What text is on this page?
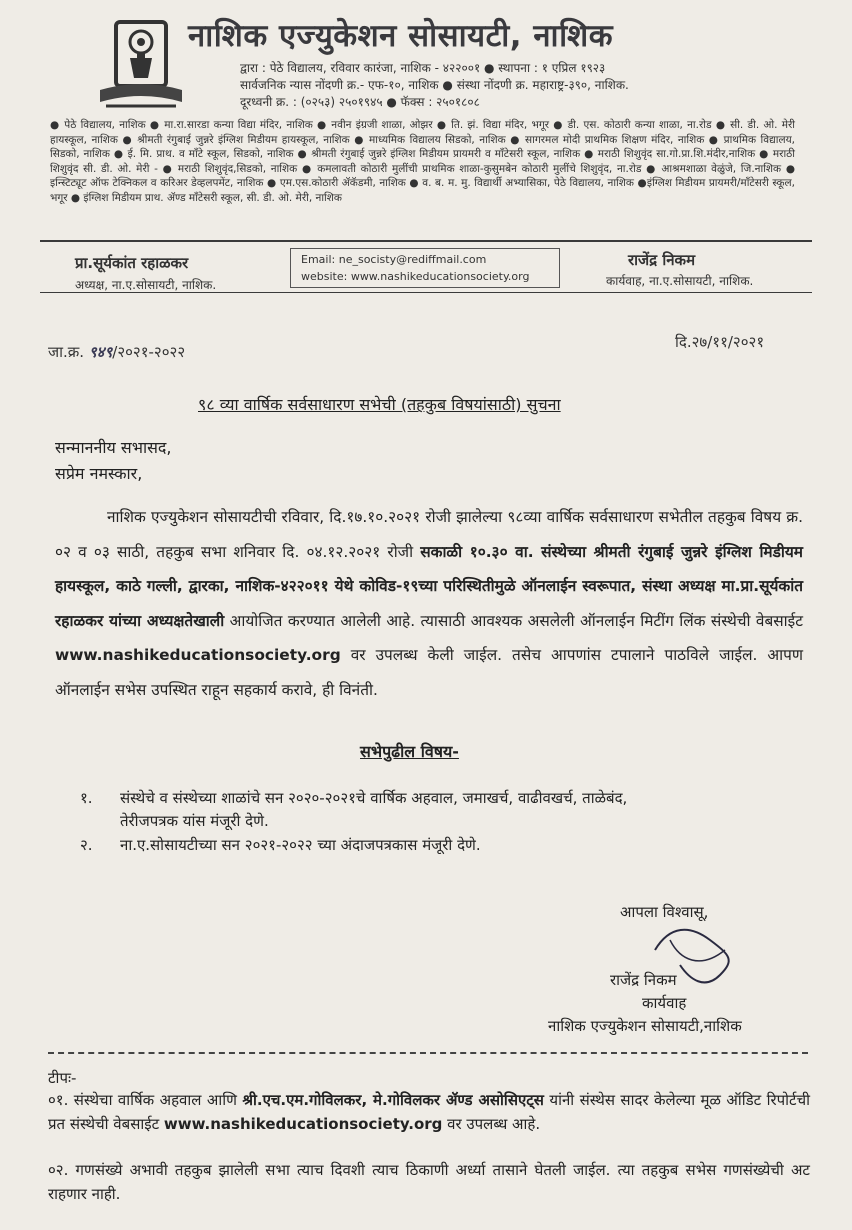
नाशिक एज्युकेशन सोसायटी, नाशिक
द्वारा : पेठे विद्यालय, रविवार कारंजा, नाशिक - ४२२००१ ● स्थापना : १ एप्रिल १९२३
सार्वजनिक न्यास नोंदणी क्र.- एफ-१०, नाशिक ● संस्था नोंदणी क्र. महाराष्ट्र-३९०, नाशिक.
दूरध्वनी क्र. : (०२५३) २५०१९४५ ● फॅक्स : २५०१८०८
● पेठे विद्यालय, नाशिक ● मा.रा.सारडा कन्या विद्या मंदिर, नाशिक ● नवीन इंग्रजी शाळा, ओझर ● ति. झं. विद्या मंदिर, भगूर ● डी. एस. कोठारी कन्या शाळा, ना.रोड ● सी. डी. ओ. मेरी हायस्कूल, नाशिक ● श्रीमती रंगुबाई जुन्नरे इंग्लिश मिडीयम हायस्कूल, नाशिक ● माध्यमिक विद्यालय सिडको, नाशिक ● सागरमल मोदी प्राथमिक शिक्षण मंदिर, नाशिक ● प्राथमिक विद्यालय, सिडको, नाशिक ● ई. मि. प्राथ. व मॉंटे स्कूल, सिडको, नाशिक ● श्रीमती रंगुबाई जुन्नरे इंग्लिश मिडीयम प्रायमरी व मॉंटेसरी स्कूल, नाशिक ● मराठी शिशुवृंद सा.गो.प्रा.शि.मंदीर,नाशिक ● मराठी शिशुवृंद सी. डी. ओ. मेरी - ● मराठी शिशुवृंद,सिडको, नाशिक ● कमलावती कोठारी मुलींची प्राथमिक शाळा-कुसुमबेन कोठारी मुलींचे शिशुवृंद, ना.रोड ● आश्रमशाळा वेळुंजे, जि.नाशिक ● इन्स्टिट्यूट ऑफ टेक्निकल व करिअर डेव्हलपमेंट, नाशिक ● एम.एस.कोठारी ॲकॅडमी, नाशिक ● व. ब. म. मु. विद्यार्थी अभ्यासिका, पेठे विद्यालय, नाशिक ●इंग्लिश मिडीयम प्रायमरी/मॉंटेसरी स्कूल, भगूर ● इंग्लिश मिडीयम प्राथ. ॲण्ड मॉंटेसरी स्कूल, सी. डी. ओ. मेरी, नाशिक
प्रा.सूर्यकांत रहाळकर
अध्यक्ष, ना.ए.सोसायटी, नाशिक.
Email: ne_socisty@rediffmail.com
website: www.nashikeducationsociety.org
राजेंद्र निकम
कार्यवाह, ना.ए.सोसायटी, नाशिक.
जा.क्र. ९४९/२०२१-२०२२
दि.२७/११/२०२१
९८ व्या वार्षिक सर्वसाधारण सभेची (तहकुब विषयांसाठी) सुचना
सन्माननीय सभासद,
सप्रेम नमस्कार,
नाशिक एज्युकेशन सोसायटीची रविवार, दि.१७.१०.२०२१ रोजी झालेल्या ९८व्या वार्षिक सर्वसाधारण सभेतील तहकुब विषय क्र. ०२ व ०३ साठी, तहकुब सभा शनिवार दि. ०४.१२.२०२१ रोजी सकाळी १०.३० वा. संस्थेच्या श्रीमती रंगुबाई जुन्नरे इंग्लिश मिडीयम हायस्कूल, काठे गल्ली, द्वारका, नाशिक-४२२०११ येथे कोविड-१९च्या परिस्थितीमुळे ऑनलाईन स्वरूपात, संस्था अध्यक्ष मा.प्रा.सूर्यकांत रहाळकर यांच्या अध्यक्षतेखाली आयोजित करण्यात आलेली आहे. त्यासाठी आवश्यक असलेली ऑनलाईन मिटींग लिंक संस्थेची वेबसाईट www.nashikeducationsociety.org वर उपलब्ध केली जाईल. तसेच आपणांस टपालाने पाठविले जाईल. आपण ऑनलाईन सभेस उपस्थित राहून सहकार्य करावे, ही विनंती.
सभेपुढील विषय-
१. संस्थेचे व संस्थेच्या शाळांचे सन २०२०-२०२१चे वार्षिक अहवाल, जमाखर्च, वाढीवखर्च, ताळेबंद,
तेरीजपत्रक यांस मंजूरी देणे.
२. ना.ए.सोसायटीच्या सन २०२१-२०२२ च्या अंदाजपत्रकास मंजूरी देणे.
आपला विश्वासू,
राजेंद्र निकम
कार्यवाह
नाशिक एज्युकेशन सोसायटी,नाशिक
टीपः-
०१. संस्थेचा वार्षिक अहवाल आणि श्री.एच.एम.गोविलकर, मे.गोविलकर ॲण्ड असोसिएट्स यांनी संस्थेस सादर केलेल्या मूळ ऑडिट रिपोर्टची प्रत संस्थेची वेबसाईट www.nashikeducationsociety.org वर उपलब्ध आहे.
०२. गणसंख्ये अभावी तहकुब झालेली सभा त्याच दिवशी त्याच ठिकाणी अर्ध्या तासाने घेतली जाईल. त्या तहकुब सभेस गणसंख्येची अट राहणार नाही.
